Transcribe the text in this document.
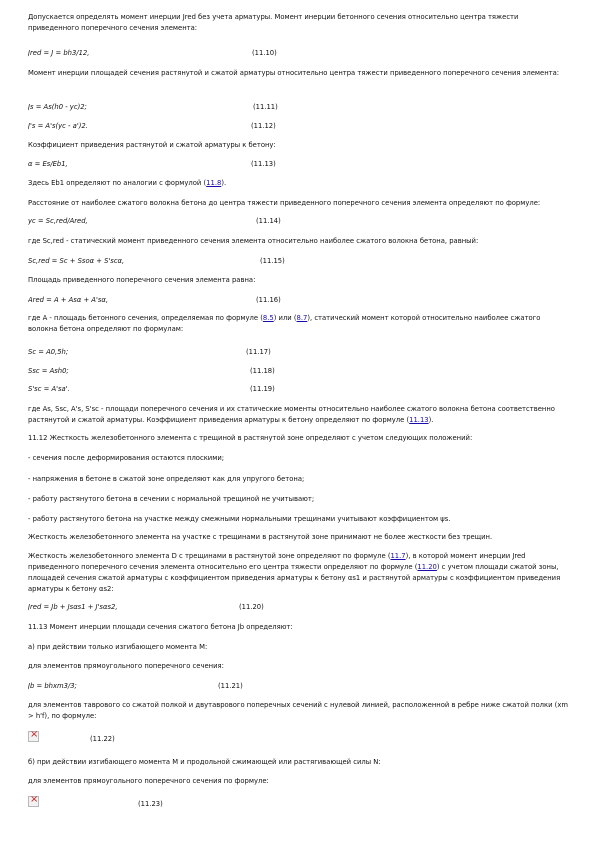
Допускается определять момент инерции Jred без учета арматуры. Момент инерции бетонного сечения относительно центра тяжести приведенного поперечного сечения элемента:
Jred = J = bh3/12,	(11.10)
Момент инерции площадей сечения растянутой и сжатой арматуры относительно центра тяжести приведенного поперечного сечения элемента:
Js = As(h0 - yc)2;	(11.11)
J's = A's(yc - a')2.	(11.12)
Коэффициент приведения растянутой и сжатой арматуры к бетону:
α = Es/Eb1,	(11.13)
Здесь Eb1 определяют по аналогии с формулой (11.8).
Расстояние от наиболее сжатого волокна бетона до центра тяжести приведенного поперечного сечения элемента определяют по формуле:
yc = Sc,red/Ared,	(11.14)
где Sc,red - статический момент приведенного сечения элемента относительно наиболее сжатого волокна бетона, равный:
Sc,red = Sc + Ssoα + S'scα,	(11.15)
Площадь приведенного поперечного сечения элемента равна:
Ared = A + Asα + A'sα,	(11.16)
где A - площадь бетонного сечения, определяемая по формуле (8.5) или (8.7), статический момент которой относительно наиболее сжатого волокна бетона определяют по формулам:
Sc = A0,5h;	(11.17)
Ssc = Ash0;	(11.18)
S'sc = A'sa'.	(11.19)
где As, Ssc, A's, S'sc - площади поперечного сечения и их статические моменты относительно наиболее сжатого волокна бетона соответственно растянутой и сжатой арматуры. Коэффициент приведения арматуры к бетону определяют по формуле (11.13).
11.12 Жесткость железобетонного элемента с трещиной в растянутой зоне определяют с учетом следующих положений:
- сечения после деформирования остаются плоскими;
- напряжения в бетоне в сжатой зоне определяют как для упругого бетона;
- работу растянутого бетона в сечении с нормальной трещиной не учитывают;
- работу растянутого бетона на участке между смежными нормальными трещинами учитывают коэффициентом ψs.
Жесткость железобетонного элемента на участке с трещинами в растянутой зоне принимают не более жесткости без трещин.
Жесткость железобетонного элемента D с трещинами в растянутой зоне определяют по формуле (11.7), в которой момент инерции Jred приведенного поперечного сечения элемента относительно его центра тяжести определяют по формуле (11.20) с учетом площади сжатой зоны, площадей сечения сжатой арматуры с коэффициентом приведения арматуры к бетону αs1 и растянутой арматуры с коэффициентом приведения арматуры к бетону αs2:
Jred = Jb + Jsαs1 + J'sαs2,	(11.20)
11.13 Момент инерции площади сечения сжатого бетона Jb определяют:
а) при действии только изгибающего момента M:
для элементов прямоугольного поперечного сечения:
Jb = bhxm3/3;	(11.21)
для элементов таврового со сжатой полкой и двутаврового поперечных сечений с нулевой линией, расположенной в ребре ниже сжатой полки (xm > h'f), по формуле:
×
(11.22)
б) при действии изгибающего момента M и продольной сжимающей или растягивающей силы N:
для элементов прямоугольного поперечного сечения по формуле:
×
(11.23)
